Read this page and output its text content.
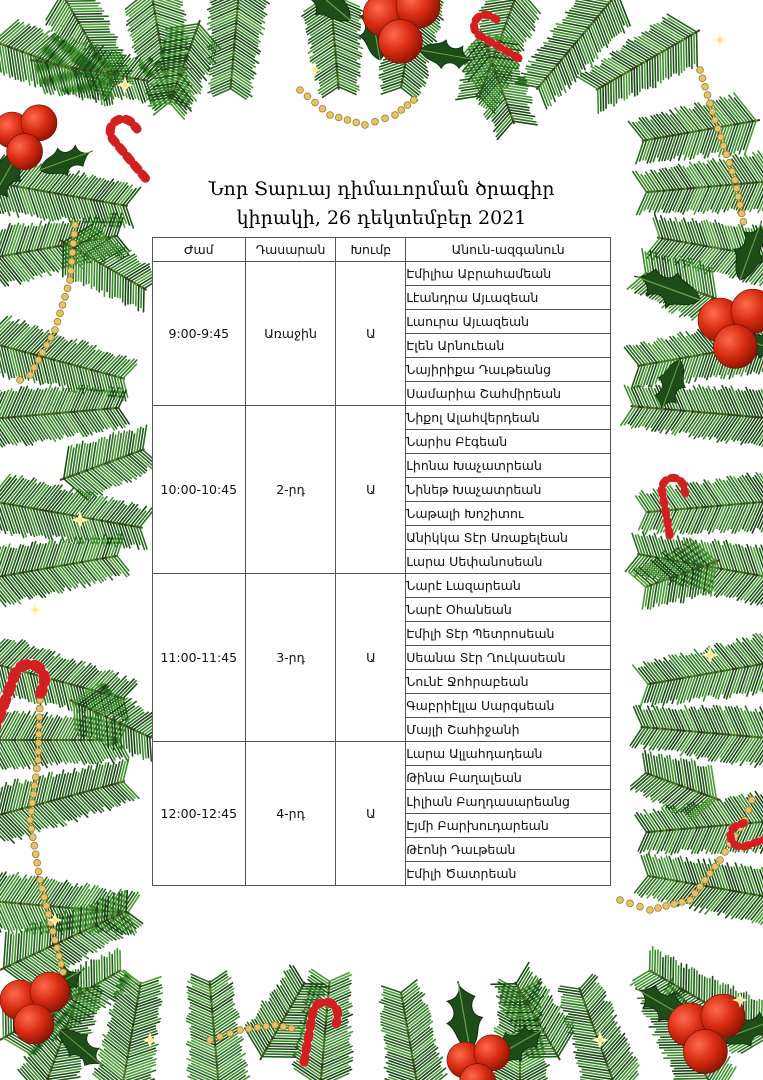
Նոր Տարւայ դիմաւորման ծրագիր
կիրակի, 26 դեկտեմբեր 2021
Ժամ	Դասարան	Խումբ	Անուն-ազգանուն
9:00-9:45	Առաջին	Ա	Էմիլիա Աբրահամեան
			Լէանդրա Այւազեան
			Լաուրա Այւազեան
			Էլեն Արնուեան
			Նայիրիքա Դաւթեանց
			Սամարիա Շահմիրեան
10:00-10:45	2-րդ	Ա	Նիքոլ Ալահվերդեան
			Նարիս Բէգեան
			Լիոնա Խաչատրեան
			Նինեթ Խաչատրեան
			Նաթալի Խոշիտու
			Անիկկա Տէր Առաքելեան
			Լարա Սեփանոսեան
11:00-11:45	3-րդ	Ա	Նարէ Լազարեան
			Նարէ Օհանեան
			Էմիլի Տէր Պետրոսեան
			Սեանա Տէր Ղուկասեան
			Նունէ Ջոհրաբեան
			Գաբրիէլլա Սարգսեան
			Մայլի Շահիջանի
12:00-12:45	4-րդ	Ա	Լարա Ալլահդադեան
			Թինա Բաղալեան
			Լիլիան Բաղդասարեանց
			Էյմի Բարխուդարեան
			Թէոնի Դաւթեան
			Էմիլի Ծատրեան
